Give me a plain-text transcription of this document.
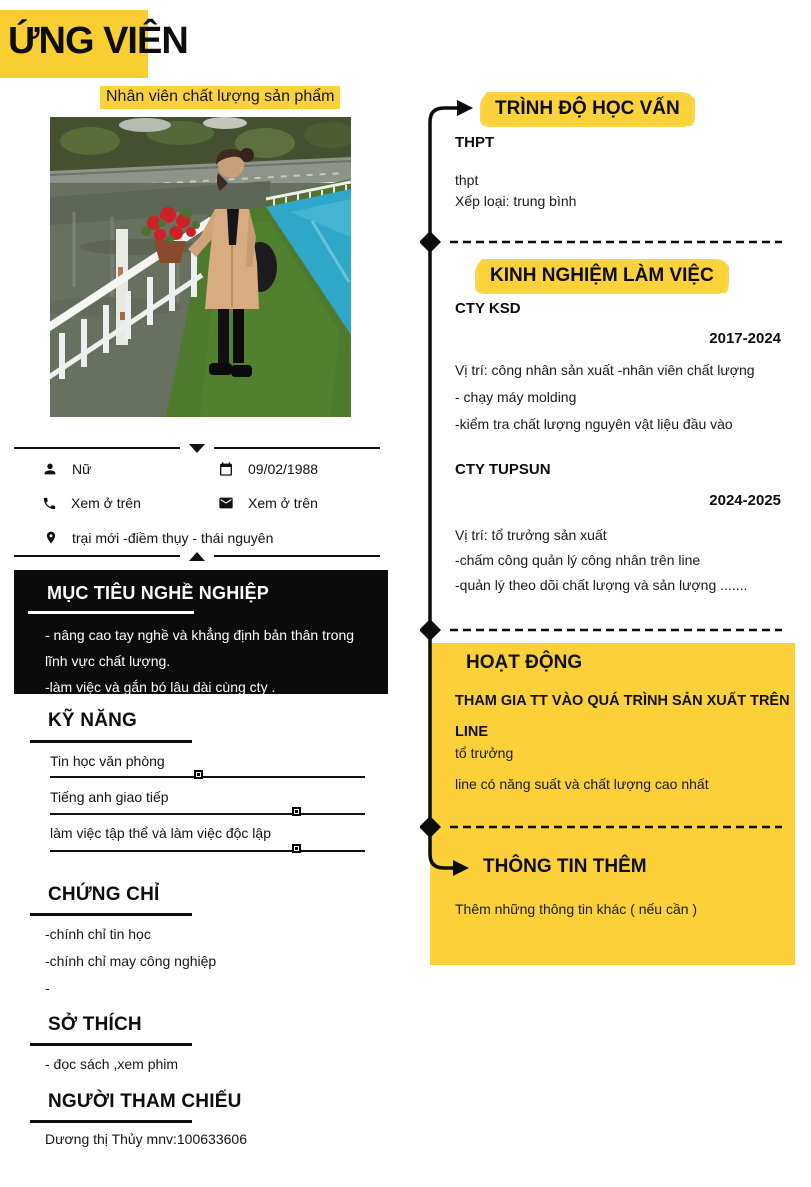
ỨNG VIÊN
Nhân viên chất lượng sản phẩm
Nữ	09/02/1988
Xem ở trên	Xem ở trên
trại mới -điềm thụy - thái nguyên
MỤC TIÊU NGHỀ NGHIỆP
- nâng cao tay nghề và khẳng định bản thân trong lĩnh vực chất lượng.
-làm việc và gắn bó lâu dài cùng cty .
KỸ NĂNG
Tin học văn phòng
Tiếng anh giao tiếp
làm việc tập thể và làm việc độc lập
CHỨNG CHỈ
-chính chỉ tin học
-chính chỉ may công nghiệp
-
SỞ THÍCH
- đọc sách ,xem phim
NGƯỜI THAM CHIẾU
Dương thị Thủy mnv:100633606
TRÌNH ĐỘ HỌC VẤN
THPT
thpt
Xếp loại: trung bình
KINH NGHIỆM LÀM VIỆC
CTY KSD
2017-2024
Vị trí: công nhân sản xuất -nhân viên chất lượng
- chạy máy molding
-kiểm tra chất lượng nguyên vật liệu đầu vào
CTY TUPSUN
2024-2025
Vị trí: tổ trưởng sản xuất
-chấm công quản lý công nhân trên line
-quản lý theo dõi chất lượng và sản lượng .......
HOẠT ĐỘNG
THAM GIA TT VÀO QUÁ TRÌNH SẢN XUẤT TRÊN LINE
tổ trưởng
line có năng suất và chất lượng cao nhất
THÔNG TIN THÊM
Thêm những thông tin khác ( nếu cần )
